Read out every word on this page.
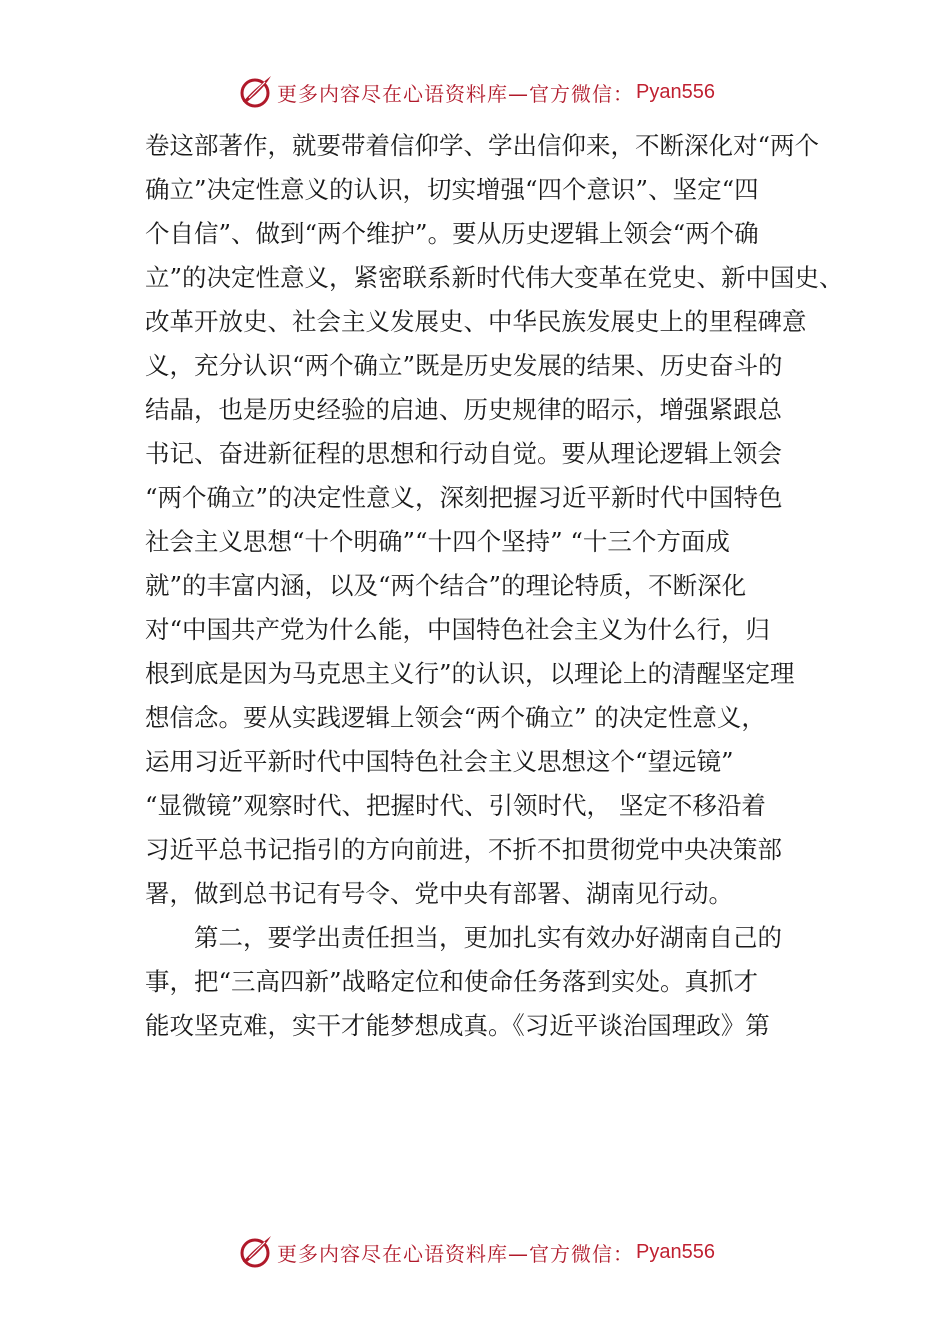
更多内容尽在心语资料库—官方微信： Pyan556
卷这部著作，就要带着信仰学、学出信仰来，不断深化对“两个
确立”决定性意义的认识，切实增强“四个意识”、坚定“四
个自信”、做到“两个维护”。要从历史逻辑上领会“两个确
立”的决定性意义，紧密联系新时代伟大变革在党史、新中国史、
改革开放史、社会主义发展史、中华民族发展史上的里程碑意
义，充分认识“两个确立”既是历史发展的结果、历史奋斗的
结晶，也是历史经验的启迪、历史规律的昭示，增强紧跟总
书记、奋进新征程的思想和行动自觉。要从理论逻辑上领会
“两个确立”的决定性意义，深刻把握习近平新时代中国特色
社会主义思想“十个明确”“十四个坚持” “十三个方面成
就”的丰富内涵，以及“两个结合”的理论特质，不断深化
对“中国共产党为什么能，中国特色社会主义为什么行，归
根到底是因为马克思主义行”的认识，以理论上的清醒坚定理
想信念。要从实践逻辑上领会“两个确立” 的决定性意义，
运用习近平新时代中国特色社会主义思想这个“望远镜”
“显微镜”观察时代、把握时代、引领时代， 坚定不移沿着
习近平总书记指引的方向前进，不折不扣贯彻党中央决策部
署，做到总书记有号令、党中央有部署、湖南见行动。
第二，要学出责任担当，更加扎实有效办好湖南自己的
事，把“三高四新”战略定位和使命任务落到实处。真抓才
能攻坚克难，实干才能梦想成真。《习近平谈治国理政》第
更多内容尽在心语资料库—官方微信： Pyan556
